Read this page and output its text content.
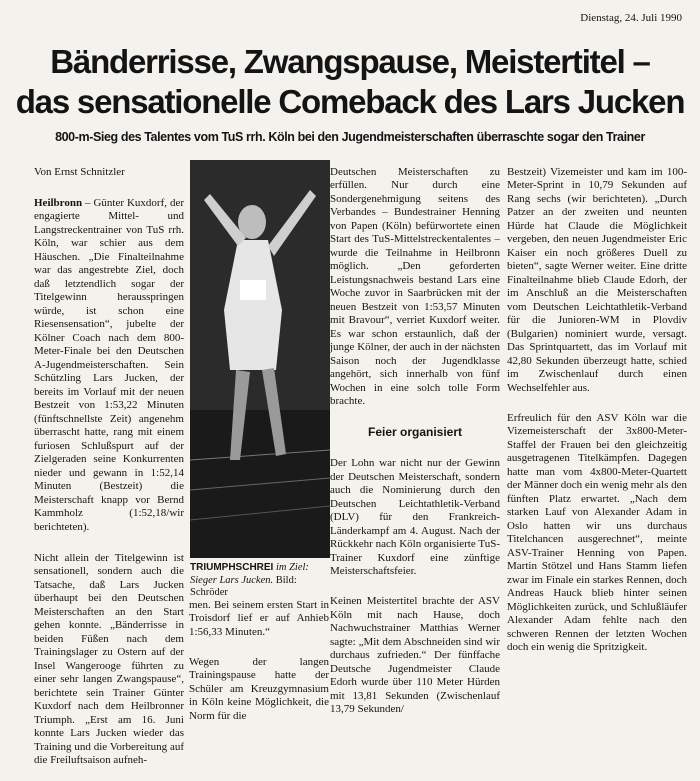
Dienstag, 24. Juli 1990
Bänderrisse, Zwangspause, Meistertitel –
das sensationelle Comeback des Lars Jucken
800-m-Sieg des Talentes vom TuS rrh. Köln bei den Jugendmeisterschaften überraschte sogar den Trainer

Von Ernst Schnitzler

Heilbronn – Günter Kuxdorf, der engagierte Mittel- und Langstreckentrainer von TuS rrh. Köln, war schier aus dem Häuschen. „Die Finalteilnahme war das angestrebte Ziel, doch daß letztendlich sogar der Titelgewinn herausspringen würde, ist schon eine Riesensensation“, jubelte der Kölner Coach nach dem 800-Meter-Finale bei den Deutschen A-Jugendmeisterschaften. Sein Schützling Lars Jucken, der bereits im Vorlauf mit der neuen Bestzeit von 1:53,22 Minuten (fünftschnellste Zeit) angenehm überrascht hatte, rang mit einem furiosen Schlußspurt auf der Zielgeraden seine Konkurrenten nieder und gewann in 1:52,14 Minuten (Bestzeit) die Meisterschaft knapp vor Bernd Kammholz (1:52,18/wir berichteten).

Nicht allein der Titelgewinn ist sensationell, sondern auch die Tatsache, daß Lars Jucken überhaupt bei den Deutschen Meisterschaften an den Start gehen konnte. „Bänderrisse in beiden Füßen nach dem Trainingslager zu Ostern auf der Insel Wangerooge führten zu einer sehr langen Zwangspause“, berichtete sein Trainer Günter Kuxdorf nach dem Heilbronner Triumph. „Erst am 16. Juni konnte Lars Jucken wieder das Training und die Vorbereitung auf die Freiluftsaison aufneh-

TRIUMPHSCHREI im Ziel: Sieger Lars Jucken. Bild: Schröder

men. Bei seinem ersten Start in Troisdorf lief er auf Anhieb 1:56,33 Minuten.“

Wegen der langen Trainingspause hatte der Schüler am Kreuzgymnasium in Köln keine Möglichkeit, die Norm für die

Deutschen Meisterschaften zu erfüllen. Nur durch eine Sondergenehmigung seitens des Verbandes – Bundestrainer Henning von Papen (Köln) befürwortete einen Start des TuS-Mittelstreckentalentes – wurde die Teilnahme in Heilbronn möglich. „Den geforderten Leistungsnachweis bestand Lars eine Woche zuvor in Saarbrücken mit der neuen Bestzeit von 1:53,57 Minuten mit Bravour“, verriet Kuxdorf weiter. Es war schon erstaunlich, daß der junge Kölner, der auch in der nächsten Saison noch der Jugendklasse angehört, sich innerhalb von fünf Wochen in eine solch tolle Form brachte.

Feier organisiert

Der Lohn war nicht nur der Gewinn der Deutschen Meisterschaft, sondern auch die Nominierung durch den Deutschen Leichtathletik-Verband (DLV) für den Frankreich-Länderkampf am 4. August. Nach der Rückkehr nach Köln organisierte TuS-Trainer Kuxdorf eine zünftige Meisterschaftsfeier.

Keinen Meistertitel brachte der ASV Köln mit nach Hause, doch Nachwuchstrainer Matthias Werner sagte: „Mit dem Abschneiden sind wir durchaus zufrieden.“ Der fünffache Deutsche Jugendmeister Claude Edorh wurde über 110 Meter Hürden mit 13,81 Sekunden (Zwischenlauf 13,79 Sekunden/

Bestzeit) Vizemeister und kam im 100-Meter-Sprint in 10,79 Sekunden auf Rang sechs (wir berichteten). „Durch Patzer an der zweiten und neunten Hürde hat Claude die Möglichkeit vergeben, den neuen Jugendmeister Eric Kaiser ein noch größeres Duell zu bieten“, sagte Werner weiter. Eine dritte Finalteilnahme blieb Claude Edorh, der im Anschluß an die Meisterschaften vom Deutschen Leichtathletik-Verband für die Junioren-WM in Plovdiv (Bulgarien) nominiert wurde, versagt. Das Sprintquartett, das im Vorlauf mit 42,80 Sekunden überzeugt hatte, schied im Zwischenlauf durch einen Wechselfehler aus.

Erfreulich für den ASV Köln war die Vizemeisterschaft der 3x800-Meter-Staffel der Frauen bei den gleichzeitig ausgetragenen Titelkämpfen. Dagegen hatte man vom 4x800-Meter-Quartett der Männer doch ein wenig mehr als den fünften Platz erwartet. „Nach dem starken Lauf von Alexander Adam in Oslo hatten wir uns durchaus Titelchancen ausgerechnet“, meinte ASV-Trainer Henning von Papen. Martin Stötzel und Hans Stamm liefen zwar im Finale ein starkes Rennen, doch Andreas Hauck blieb hinter seinen Möglichkeiten zurück, und Schlußläufer Alexander Adam fehlte nach den schweren Rennen der letzten Wochen doch ein wenig die Spritzigkeit.
